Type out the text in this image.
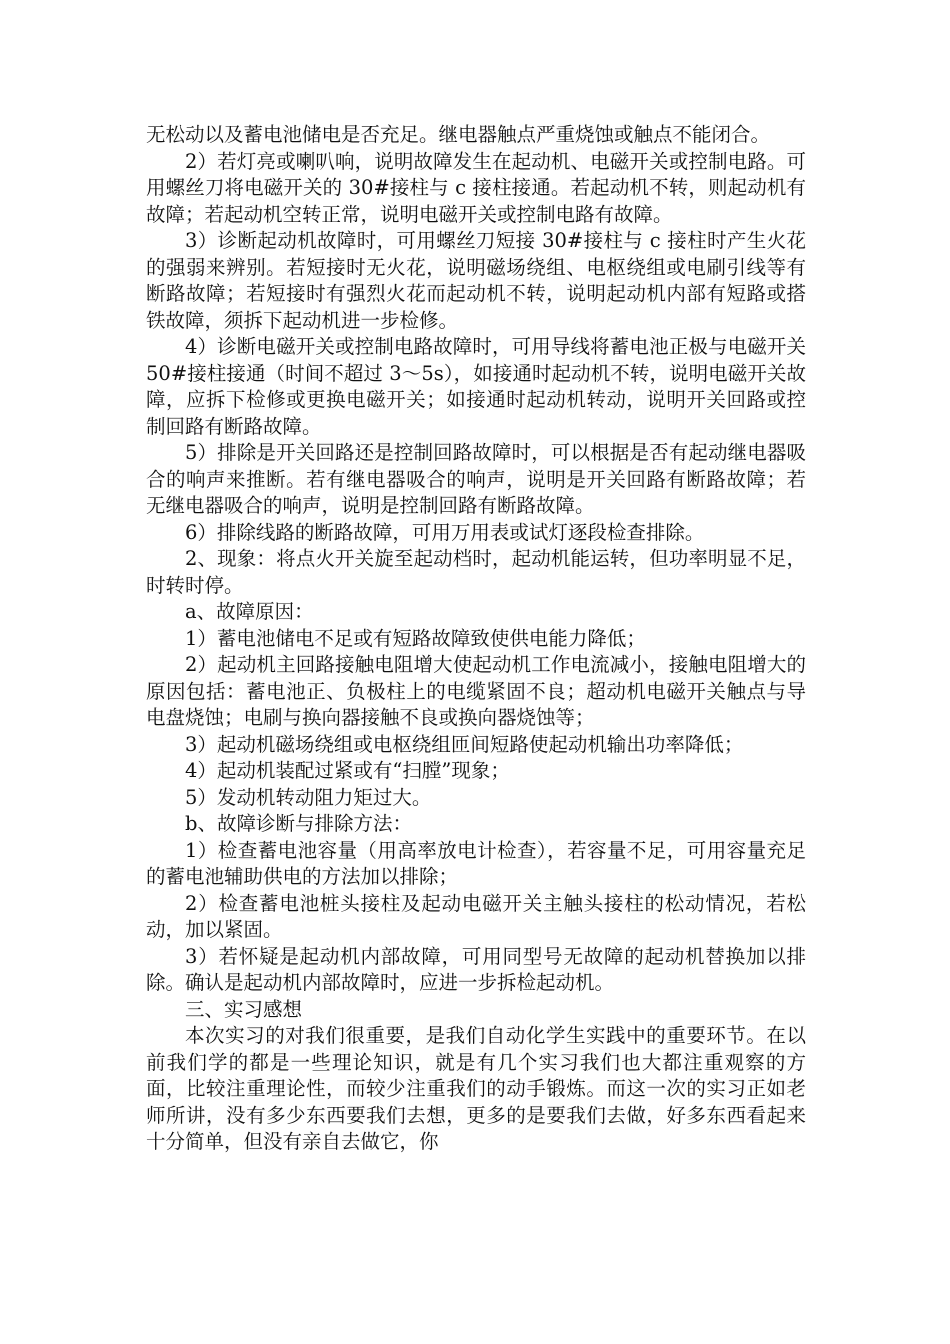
无松动以及蓄电池储电是否充足。继电器触点严重烧蚀或触点不能闭合。

2）若灯亮或喇叭响，说明故障发生在起动机、电磁开关或控制电路。可用螺丝刀将电磁开关的 30#接柱与 c 接柱接通。若起动机不转，则起动机有故障；若起动机空转正常，说明电磁开关或控制电路有故障。

3）诊断起动机故障时，可用螺丝刀短接 30#接柱与 c 接柱时产生火花的强弱来辨别。若短接时无火花，说明磁场绕组、电枢绕组或电刷引线等有断路故障；若短接时有强烈火花而起动机不转，说明起动机内部有短路或搭铁故障，须拆下起动机进一步检修。

4）诊断电磁开关或控制电路故障时，可用导线将蓄电池正极与电磁开关 50#接柱接通（时间不超过 3～5s），如接通时起动机不转，说明电磁开关故障，应拆下检修或更换电磁开关；如接通时起动机转动，说明开关回路或控制回路有断路故障。

5）排除是开关回路还是控制回路故障时，可以根据是否有起动继电器吸合的响声来推断。若有继电器吸合的响声，说明是开关回路有断路故障；若无继电器吸合的响声，说明是控制回路有断路故障。

6）排除线路的断路故障，可用万用表或试灯逐段检查排除。

2、现象：将点火开关旋至起动档时，起动机能运转，但功率明显不足，时转时停。

a、故障原因：

1）蓄电池储电不足或有短路故障致使供电能力降低；

2）起动机主回路接触电阻增大使起动机工作电流减小，接触电阻增大的原因包括：蓄电池正、负极柱上的电缆紧固不良；超动机电磁开关触点与导电盘烧蚀；电刷与换向器接触不良或换向器烧蚀等；

3）起动机磁场绕组或电枢绕组匝间短路使起动机输出功率降低；

4）起动机装配过紧或有“扫膛”现象；

5）发动机转动阻力矩过大。

b、故障诊断与排除方法：

1）检查蓄电池容量（用高率放电计检查），若容量不足，可用容量充足的蓄电池辅助供电的方法加以排除；

2）检查蓄电池桩头接柱及起动电磁开关主触头接柱的松动情况，若松动，加以紧固。

3）若怀疑是起动机内部故障，可用同型号无故障的起动机替换加以排除。确认是起动机内部故障时，应进一步拆检起动机。

三、实习感想

本次实习的对我们很重要，是我们自动化学生实践中的重要环节。在以前我们学的都是一些理论知识，就是有几个实习我们也大都注重观察的方面，比较注重理论性，而较少注重我们的动手锻炼。而这一次的实习正如老师所讲，没有多少东西要我们去想，更多的是要我们去做，好多东西看起来十分简单，但没有亲自去做它，你
